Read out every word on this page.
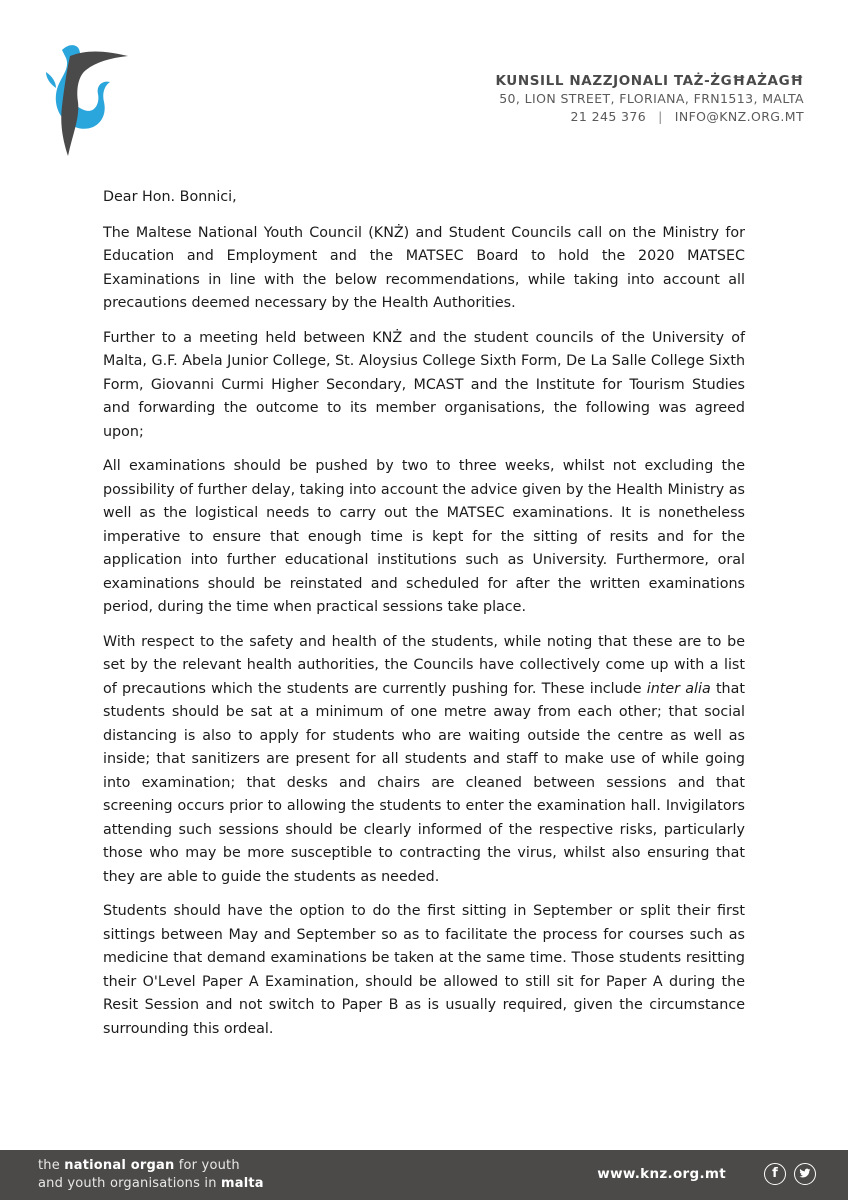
KUNSILL NAZZJONALI TAŻ-ŻGĦAŻAGĦ
50, LION STREET, FLORIANA, FRN1513, MALTA
21 245 376 | INFO@KNZ.ORG.MT

Dear Hon. Bonnici,

The Maltese National Youth Council (KNŻ) and Student Councils call on the Ministry for Education and Employment and the MATSEC Board to hold the 2020 MATSEC Examinations in line with the below recommendations, while taking into account all precautions deemed necessary by the Health Authorities.

Further to a meeting held between KNŻ and the student councils of the University of Malta, G.F. Abela Junior College, St. Aloysius College Sixth Form, De La Salle College Sixth Form, Giovanni Curmi Higher Secondary, MCAST and the Institute for Tourism Studies and forwarding the outcome to its member organisations, the following was agreed upon;

All examinations should be pushed by two to three weeks, whilst not excluding the possibility of further delay, taking into account the advice given by the Health Ministry as well as the logistical needs to carry out the MATSEC examinations. It is nonetheless imperative to ensure that enough time is kept for the sitting of resits and for the application into further educational institutions such as University. Furthermore, oral examinations should be reinstated and scheduled for after the written examinations period, during the time when practical sessions take place.

With respect to the safety and health of the students, while noting that these are to be set by the relevant health authorities, the Councils have collectively come up with a list of precautions which the students are currently pushing for. These include inter alia that students should be sat at a minimum of one metre away from each other; that social distancing is also to apply for students who are waiting outside the centre as well as inside; that sanitizers are present for all students and staff to make use of while going into examination; that desks and chairs are cleaned between sessions and that screening occurs prior to allowing the students to enter the examination hall. Invigilators attending such sessions should be clearly informed of the respective risks, particularly those who may be more susceptible to contracting the virus, whilst also ensuring that they are able to guide the students as needed.

Students should have the option to do the first sitting in September or split their first sittings between May and September so as to facilitate the process for courses such as medicine that demand examinations be taken at the same time. Those students resitting their O'Level Paper A Examination, should be allowed to still sit for Paper A during the Resit Session and not switch to Paper B as is usually required, given the circumstance surrounding this ordeal.

the national organ for youth
and youth organisations in malta
www.knz.org.mt	f
